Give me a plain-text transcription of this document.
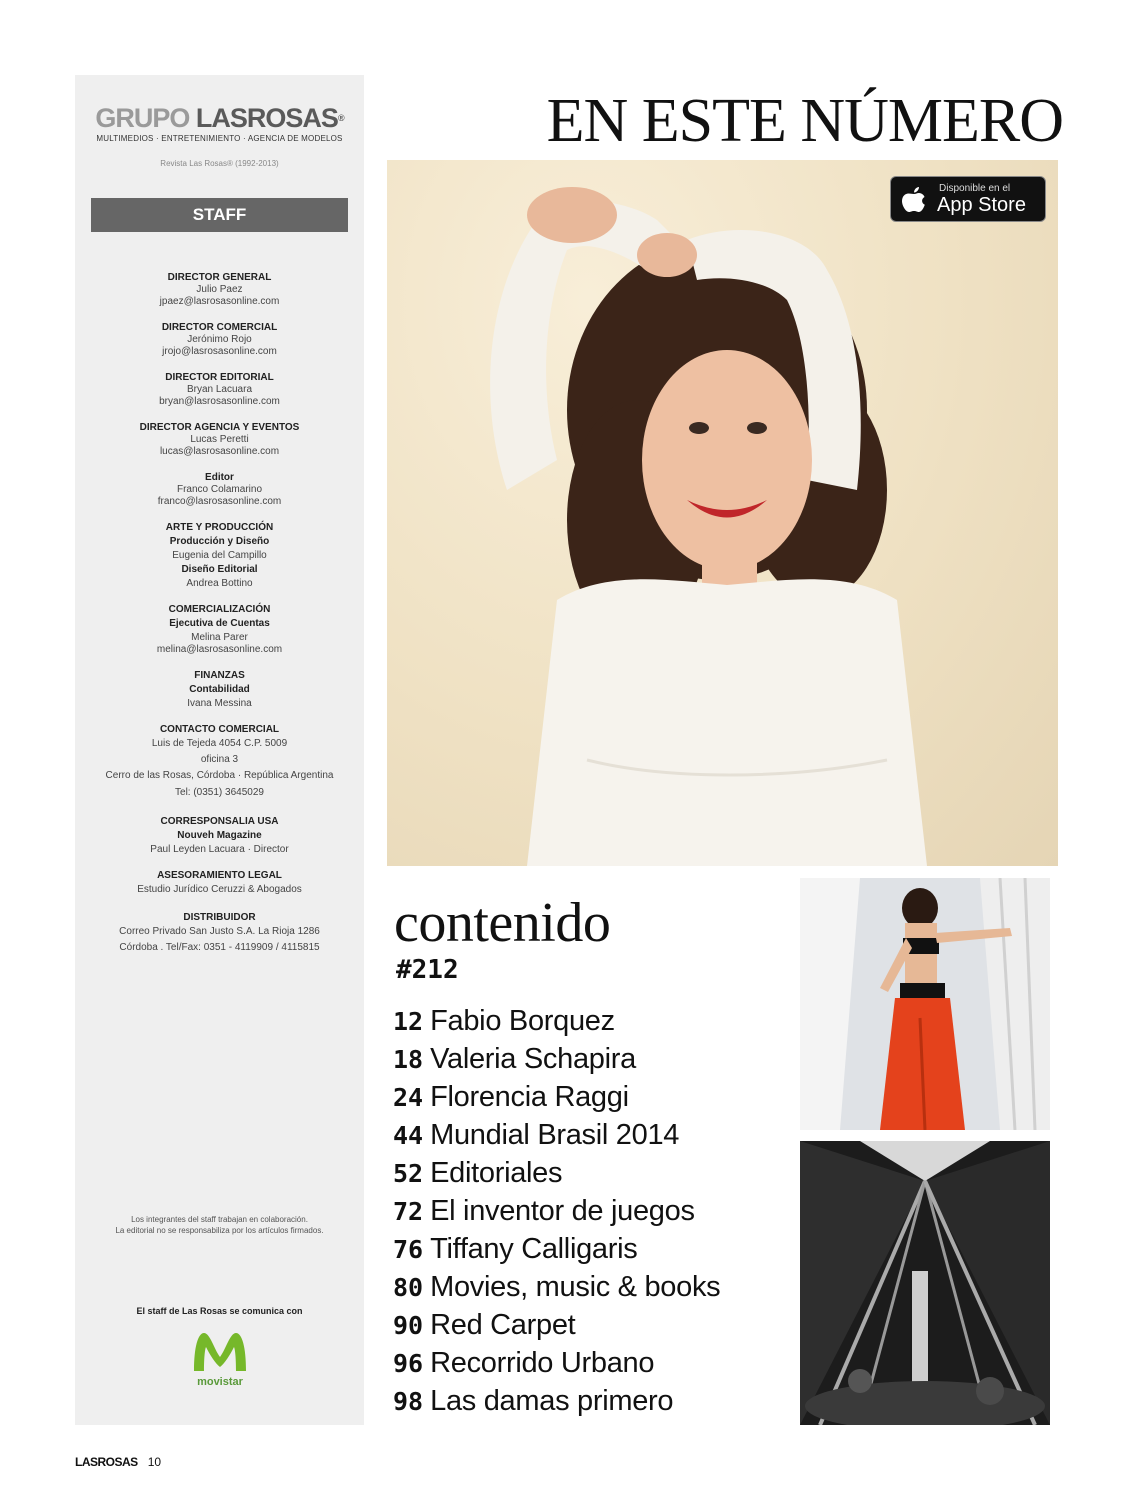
GRUPO LASROSAS®
MULTIMEDIOS · ENTRETENIMIENTO · AGENCIA DE MODELOS
Revista Las Rosas® (1992-2013)
STAFF
DIRECTOR GENERAL
Julio Paez
jpaez@lasrosasonline.com
DIRECTOR COMERCIAL
Jerónimo Rojo
jrojo@lasrosasonline.com
DIRECTOR EDITORIAL
Bryan Lacuara
bryan@lasrosasonline.com
DIRECTOR AGENCIA Y EVENTOS
Lucas Peretti
lucas@lasrosasonline.com
Editor
Franco Colamarino
franco@lasrosasonline.com
ARTE Y PRODUCCIÓN
Producción y Diseño
Eugenia del Campillo
Diseño Editorial
Andrea Bottino
COMERCIALIZACIÓN
Ejecutiva de Cuentas
Melina Parer
melina@lasrosasonline.com
FINANZAS
Contabilidad
Ivana Messina
CONTACTO COMERCIAL
Luis de Tejeda 4054 C.P. 5009
oficina 3
Cerro de las Rosas, Córdoba · República Argentina
Tel: (0351) 3645029
CORRESPONSALIA USA
Nouveh Magazine
Paul Leyden Lacuara · Director
ASESORAMIENTO LEGAL
Estudio Jurídico Ceruzzi & Abogados
DISTRIBUIDOR
Correo Privado San Justo S.A. La Rioja 1286
Córdoba . Tel/Fax: 0351 - 4119909 / 4115815
Los integrantes del staff trabajan en colaboración.
La editorial no se responsabiliza por los artículos firmados.
El staff de Las Rosas se comunica con
movistar
LASROSAS 10
EN ESTE NÚMERO
Disponible en el
App Store
contenido
#212
12 Fabio Borquez
18 Valeria Schapira
24 Florencia Raggi
44 Mundial Brasil 2014
52 Editoriales
72 El inventor de juegos
76 Tiffany Calligaris
80 Movies, music & books
90 Red Carpet
96 Recorrido Urbano
98 Las damas primero
